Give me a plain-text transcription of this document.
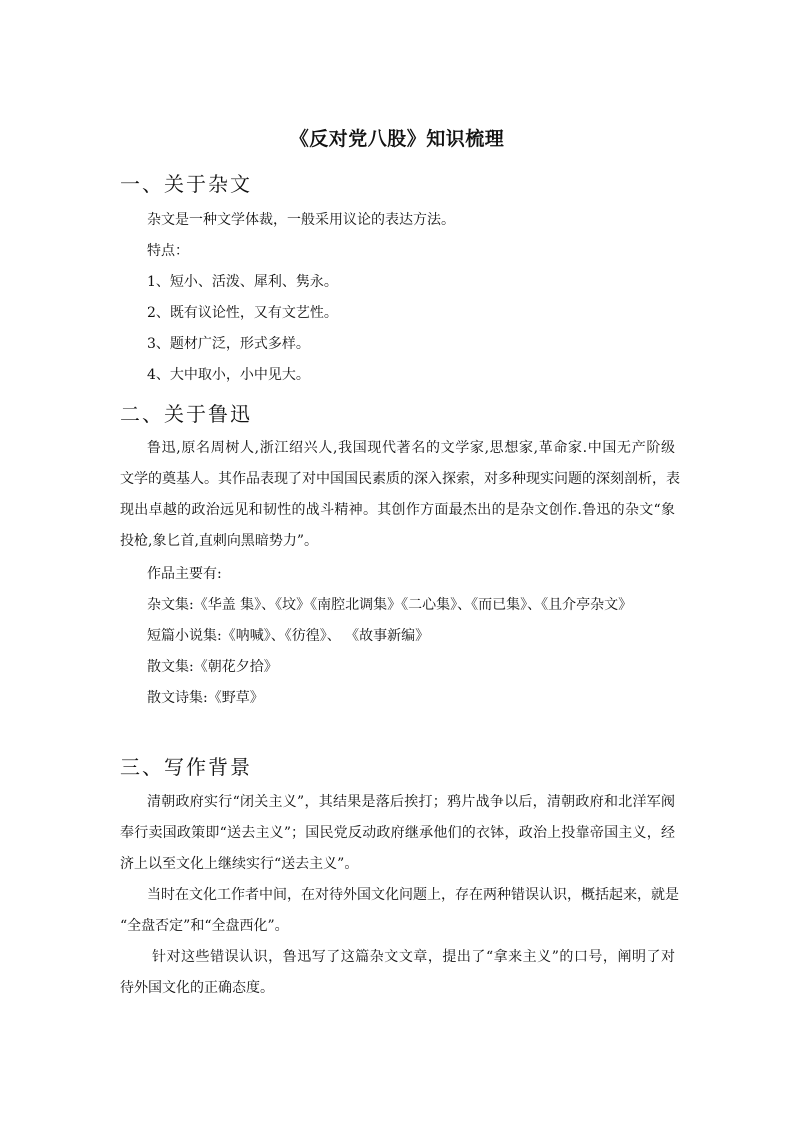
《反对党八股》知识梳理
一、关于杂文
杂文是一种文学体裁，一般采用议论的表达方法。
特点：
1、短小、活泼、犀利、隽永。
2、既有议论性，又有文艺性。
3、题材广泛，形式多样。
4、大中取小，小中见大。
二、关于鲁迅
鲁迅,原名周树人,浙江绍兴人,我国现代著名的文学家,思想家,革命家.中国无产阶级
文学的奠基人。其作品表现了对中国国民素质的深入探索，对多种现实问题的深刻剖析，表
现出卓越的政治远见和韧性的战斗精神。其创作方面最杰出的是杂文创作.鲁迅的杂文“象
投枪,象匕首,直刺向黑暗势力”。
作品主要有:
杂文集:《华盖 集》、《坟》《南腔北调集》《二心集》、《而已集》、《且介亭杂文》
短篇小说集:《呐喊》、《彷徨》、 《故事新编》
散文集:《朝花夕拾》
散文诗集:《野草》
三、写作背景
清朝政府实行“闭关主义”，其结果是落后挨打；鸦片战争以后，清朝政府和北洋军阀
奉行卖国政策即“送去主义”；国民党反动政府继承他们的衣钵，政治上投靠帝国主义，经
济上以至文化上继续实行“送去主义”。
当时在文化工作者中间，在对待外国文化问题上，存在两种错误认识，概括起来，就是
“全盘否定”和“全盘西化”。
针对这些错误认识，鲁迅写了这篇杂文文章，提出了“拿来主义”的口号，阐明了对
待外国文化的正确态度。
